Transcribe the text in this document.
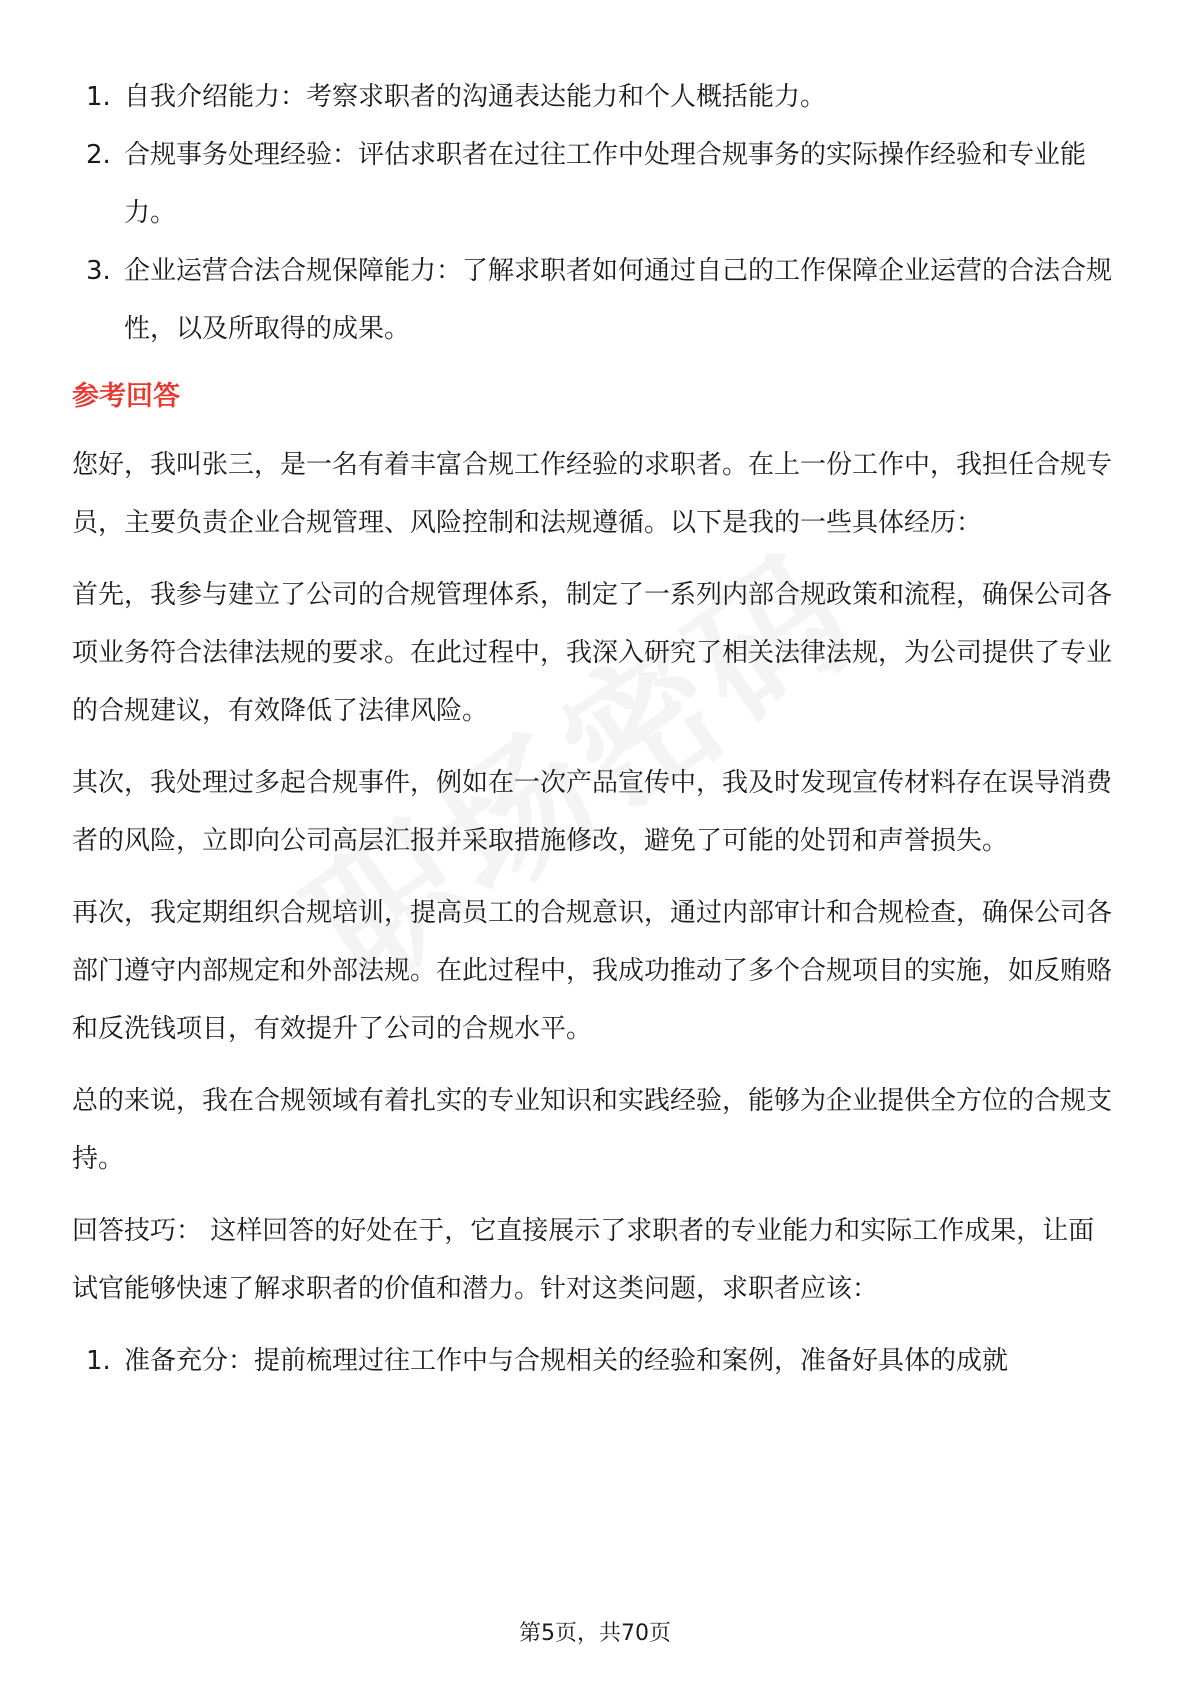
1. 自我介绍能力：考察求职者的沟通表达能力和个人概括能力。
2. 合规事务处理经验：评估求职者在过往工作中处理合规事务的实际操作经验和专业能力。
3. 企业运营合法合规保障能力：了解求职者如何通过自己的工作保障企业运营的合法合规性，以及所取得的成果。
参考回答

您好，我叫张三，是一名有着丰富合规工作经验的求职者。在上一份工作中，我担任合规专员，主要负责企业合规管理、风险控制和法规遵循。以下是我的一些具体经历：

首先，我参与建立了公司的合规管理体系，制定了一系列内部合规政策和流程，确保公司各项业务符合法律法规的要求。在此过程中，我深入研究了相关法律法规，为公司提供了专业的合规建议，有效降低了法律风险。

其次，我处理过多起合规事件，例如在一次产品宣传中，我及时发现宣传材料存在误导消费者的风险，立即向公司高层汇报并采取措施修改，避免了可能的处罚和声誉损失。

再次，我定期组织合规培训，提高员工的合规意识，通过内部审计和合规检查，确保公司各部门遵守内部规定和外部法规。在此过程中，我成功推动了多个合规项目的实施，如反贿赂和反洗钱项目，有效提升了公司的合规水平。

总的来说，我在合规领域有着扎实的专业知识和实践经验，能够为企业提供全方位的合规支持。

回答技巧： 这样回答的好处在于，它直接展示了求职者的专业能力和实际工作成果，让面试官能够快速了解求职者的价值和潜力。针对这类问题，求职者应该：

1. 准备充分：提前梳理过往工作中与合规相关的经验和案例，准备好具体的成就
第5页，共70页
